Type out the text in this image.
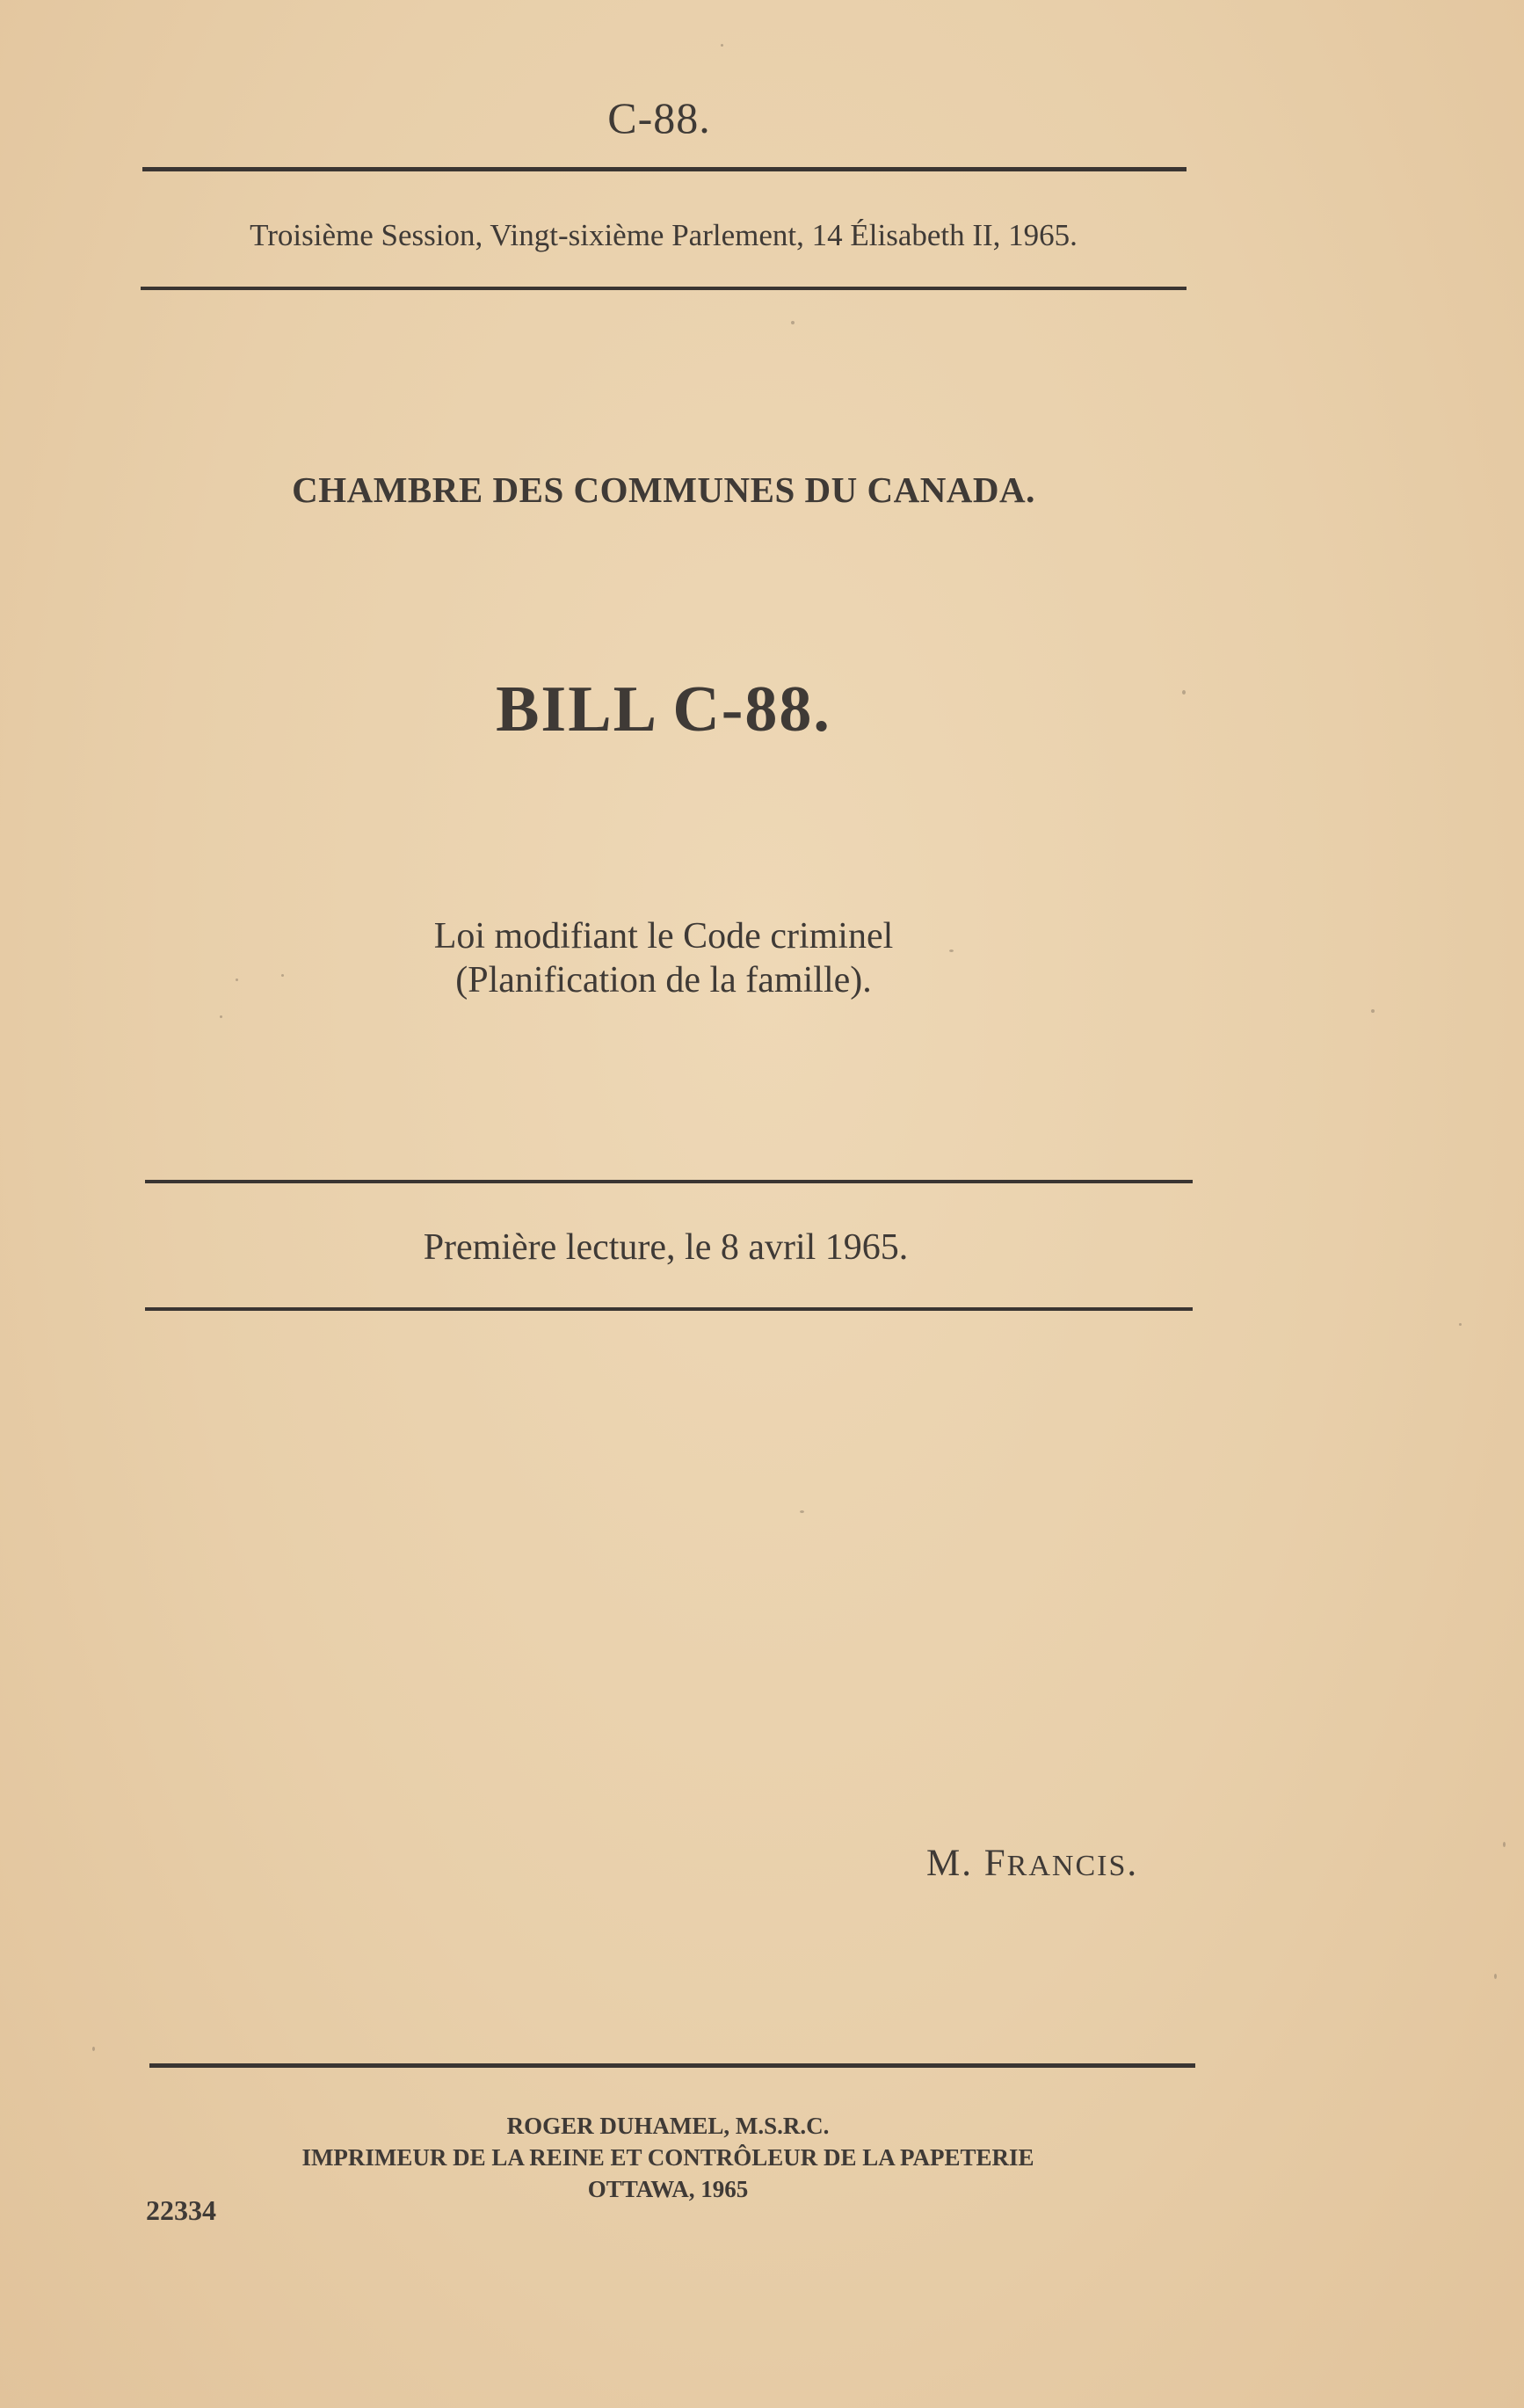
C-88.
Troisième Session, Vingt-sixième Parlement, 14 Élisabeth II, 1965.
CHAMBRE DES COMMUNES DU CANADA.
BILL C-88.
Loi modifiant le Code criminel
(Planification de la famille).
Première lecture, le 8 avril 1965.
M. FRANCIS.
ROGER DUHAMEL, M.S.R.C.
IMPRIMEUR DE LA REINE ET CONTRÔLEUR DE LA PAPETERIE
OTTAWA, 1965
22334
